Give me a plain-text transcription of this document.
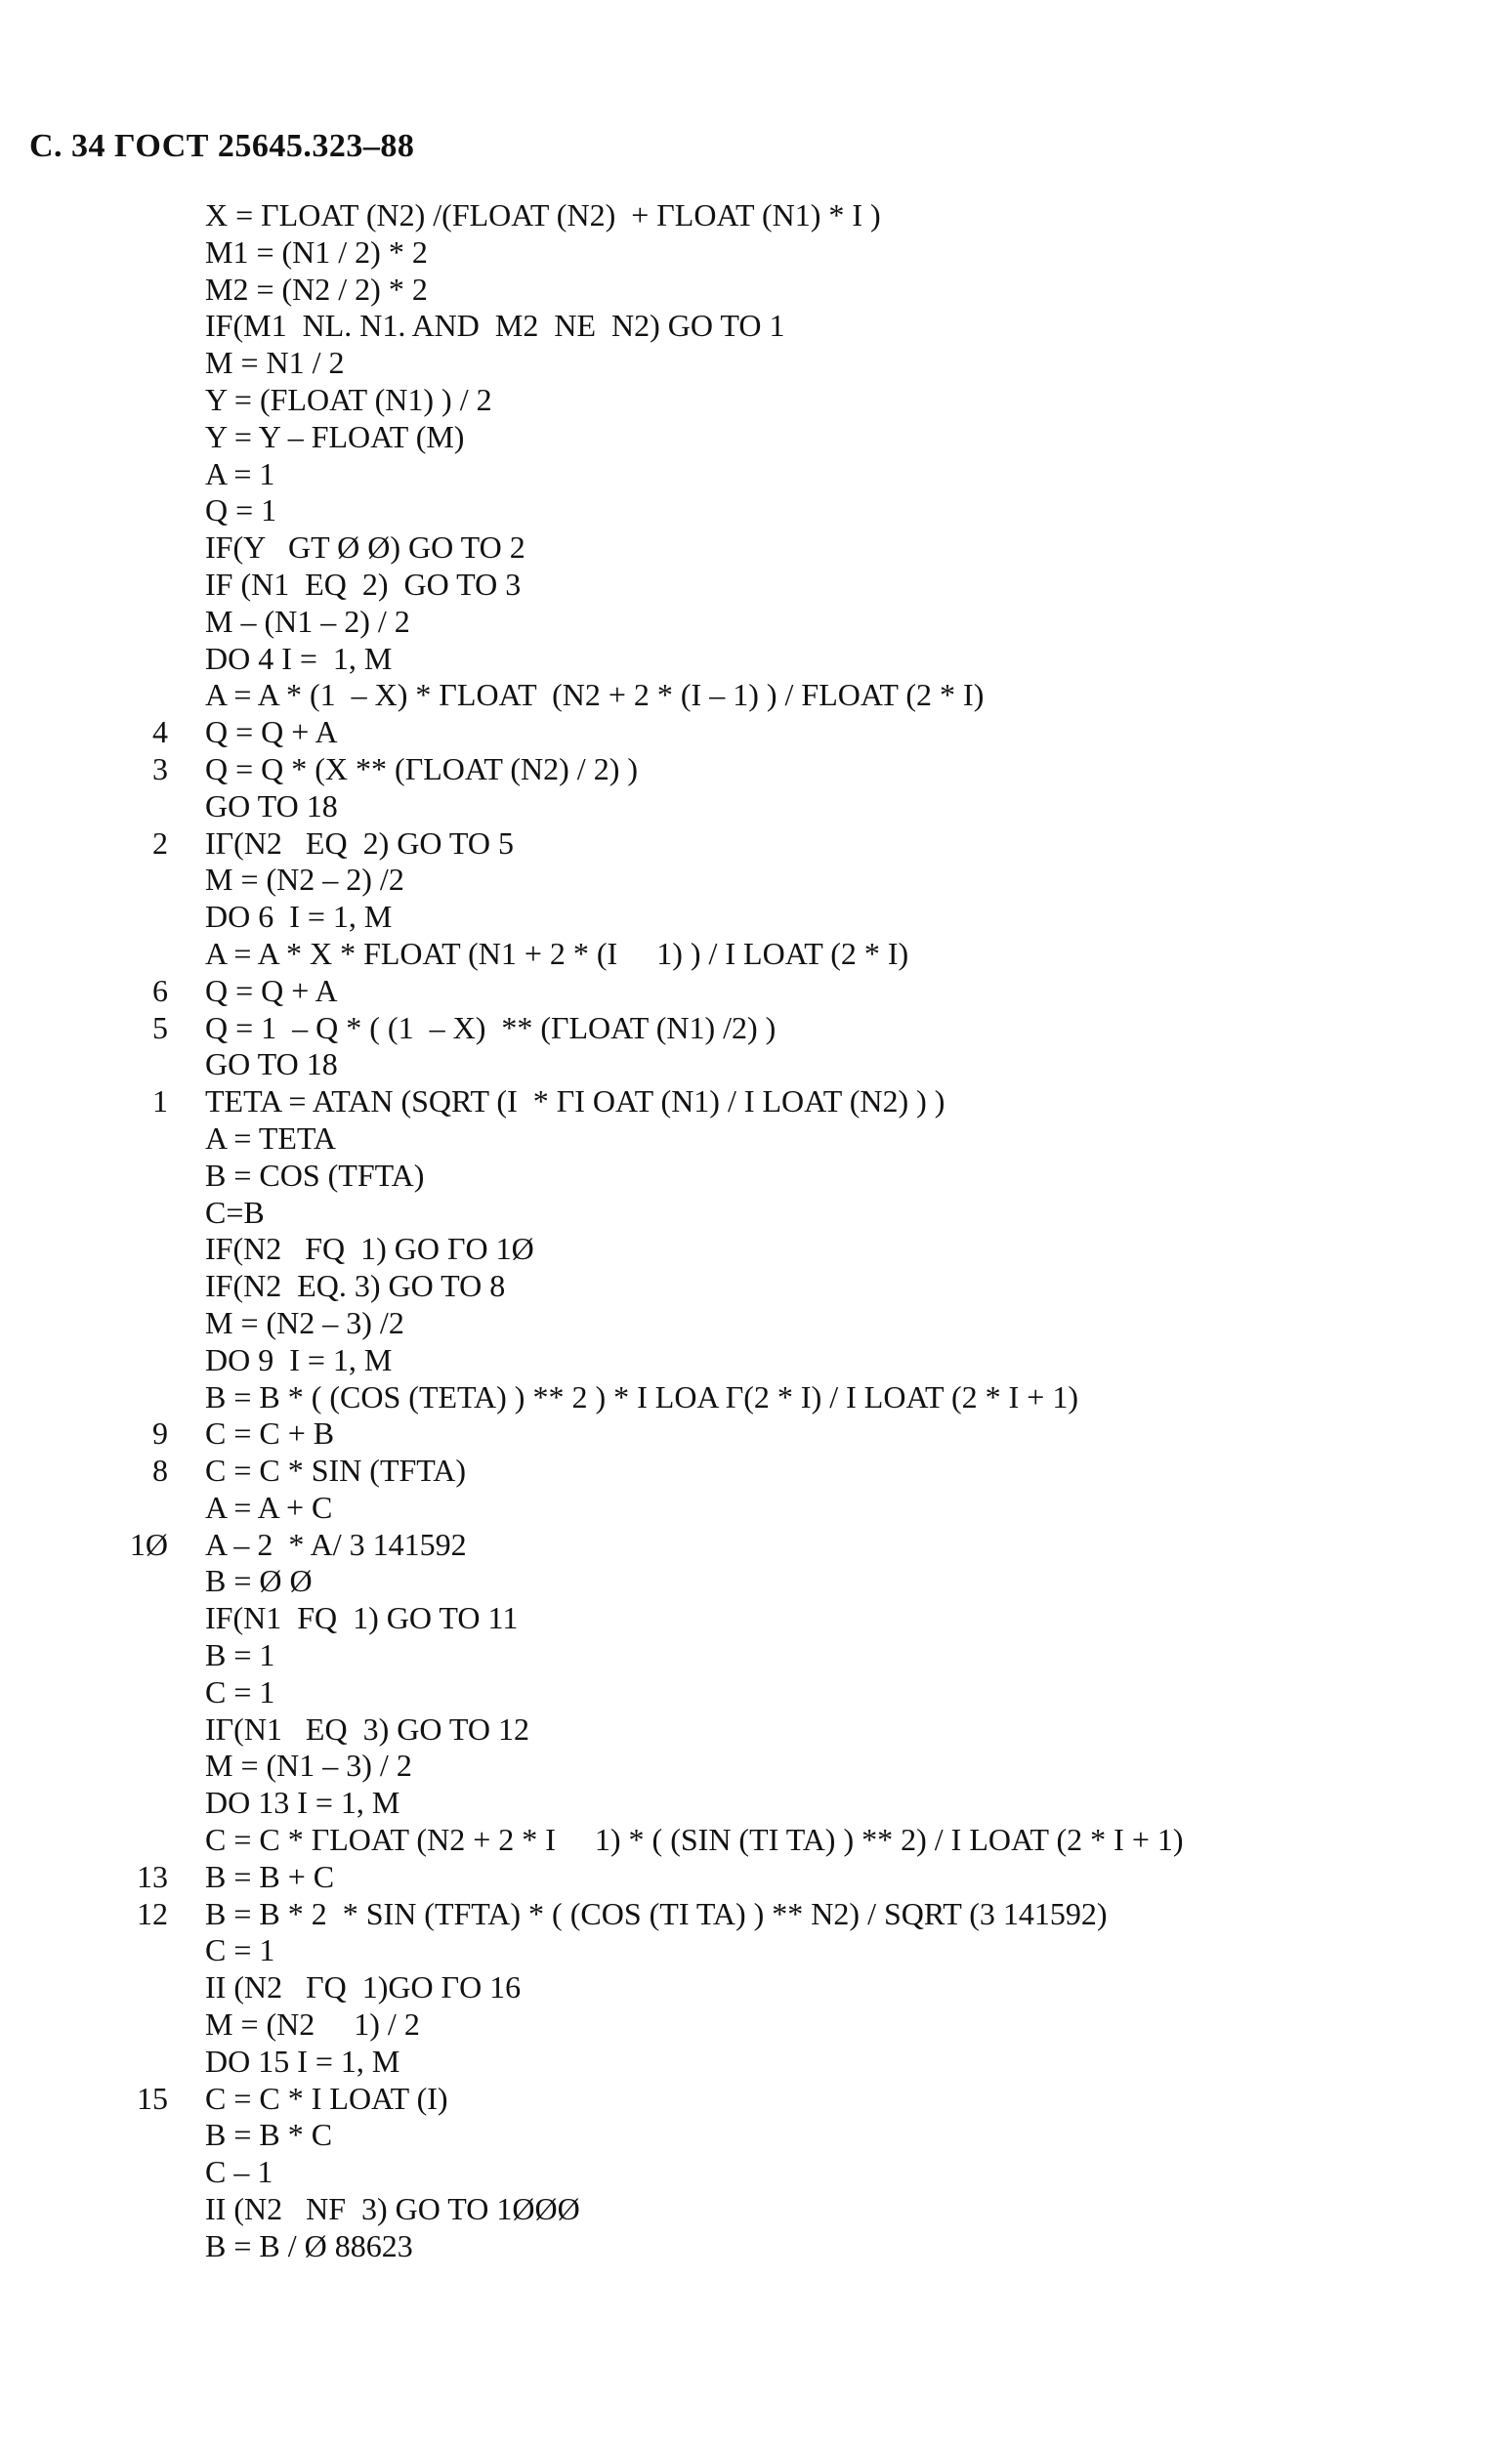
С. 34 ГОСТ 25645.323–88
X = ΓLOAT (N2) /(FLOAT (N2)  + ΓLOAT (N1) * I )
M1 = (N1 / 2) * 2
M2 = (N2 / 2) * 2
IF(M1  NL. N1. AND  M2  NE  N2) GO TO 1
M = N1 / 2
Y = (FLOAT (N1) ) / 2
Y = Y – FLOAT (M)
A = 1
Q = 1
IF(Y   GT Ø Ø) GO TO 2
IF (N1  EQ  2)  GO TO 3
M – (N1 – 2) / 2
DO 4 I =  1, M
A = A * (1  – X) * ΓLOAT  (N2 + 2 * (I – 1) ) / FLOAT (2 * I)
4 Q = Q + A
3 Q = Q * (X ** (ΓLOAT (N2) / 2) )
GO TO 18
2 IΓ(N2   EQ  2) GO TO 5
M = (N2 – 2) /2
DO 6  I = 1, M
A = A * X * FLOAT (N1 + 2 * (I     1) ) / I LOAT (2 * I)
6 Q = Q + A
5 Q = 1  – Q * ( (1  – X)  ** (ΓLOAT (N1) /2) )
GO TO 18
1 TETA = ATAN (SQRT (I  * ΓI OAT (N1) / I LOAT (N2) ) )
A = TETA
B = COS (TFTA)
C=B
IF(N2   FQ  1) GO ΓO 1Ø
IF(N2  EQ. 3) GO TO 8
M = (N2 – 3) /2
DO 9  I = 1, M
B = B * ( (COS (TETA) ) ** 2 ) * I LOA Γ(2 * I) / I LOAT (2 * I + 1)
9 C = C + B
8 C = C * SIN (TFTA)
A = A + C
1Ø A – 2  * A/ 3 141592
B = Ø Ø
IF(N1  FQ  1) GO TO 11
B = 1
C = 1
IΓ(N1   EQ  3) GO TO 12
M = (N1 – 3) / 2
DO 13 I = 1, M
C = C * ΓLOAT (N2 + 2 * I     1) * ( (SIN (TI TA) ) ** 2) / I LOAT (2 * I + 1)
13 B = B + C
12 B = B * 2  * SIN (TFTA) * ( (COS (TI TA) ) ** N2) / SQRT (3 141592)
C = 1
II (N2   ΓQ  1)GO ΓO 16
M = (N2     1) / 2
DO 15 I = 1, M
15 C = C * I LOAT (I)
B = B * C
C – 1
II (N2   NF  3) GO TO 1ØØØ
B = B / Ø 88623
